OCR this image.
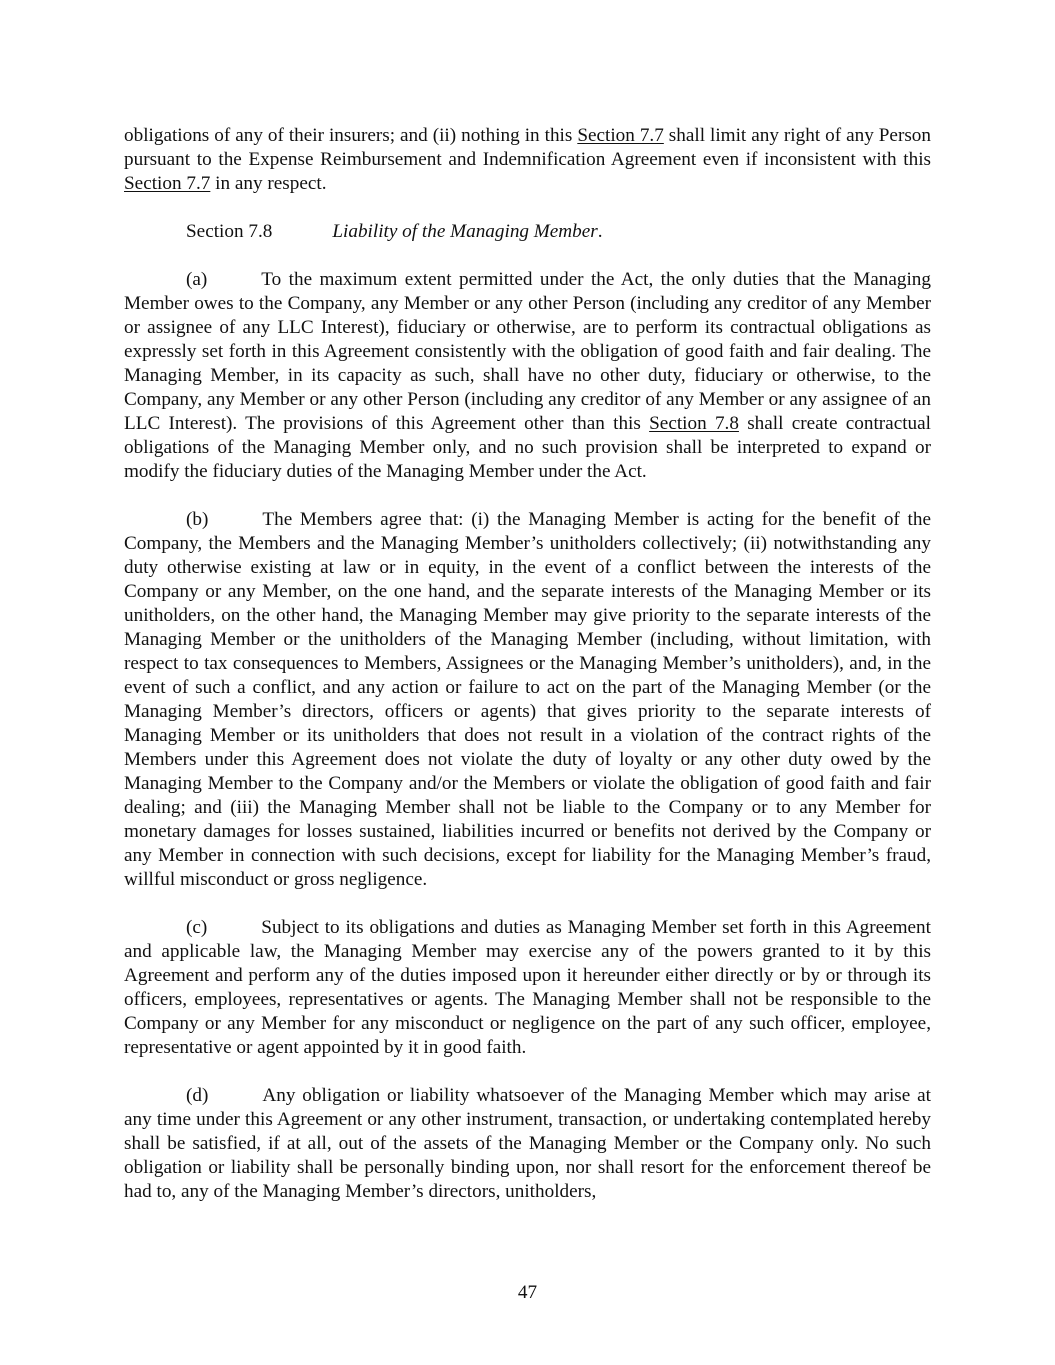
obligations of any of their insurers; and (ii) nothing in this Section 7.7 shall limit any right of any Person pursuant to the Expense Reimbursement and Indemnification Agreement even if inconsistent with this Section 7.7 in any respect.

Section 7.8	Liability of the Managing Member.

(a)	To the maximum extent permitted under the Act, the only duties that the Managing Member owes to the Company, any Member or any other Person (including any creditor of any Member or assignee of any LLC Interest), fiduciary or otherwise, are to perform its contractual obligations as expressly set forth in this Agreement consistently with the obligation of good faith and fair dealing. The Managing Member, in its capacity as such, shall have no other duty, fiduciary or otherwise, to the Company, any Member or any other Person (including any creditor of any Member or any assignee of an LLC Interest). The provisions of this Agreement other than this Section 7.8 shall create contractual obligations of the Managing Member only, and no such provision shall be interpreted to expand or modify the fiduciary duties of the Managing Member under the Act.

(b)	The Members agree that: (i) the Managing Member is acting for the benefit of the Company, the Members and the Managing Member’s unitholders collectively; (ii) notwithstanding any duty otherwise existing at law or in equity, in the event of a conflict between the interests of the Company or any Member, on the one hand, and the separate interests of the Managing Member or its unitholders, on the other hand, the Managing Member may give priority to the separate interests of the Managing Member or the unitholders of the Managing Member (including, without limitation, with respect to tax consequences to Members, Assignees or the Managing Member’s unitholders), and, in the event of such a conflict, and any action or failure to act on the part of the Managing Member (or the Managing Member’s directors, officers or agents) that gives priority to the separate interests of Managing Member or its unitholders that does not result in a violation of the contract rights of the Members under this Agreement does not violate the duty of loyalty or any other duty owed by the Managing Member to the Company and/or the Members or violate the obligation of good faith and fair dealing; and (iii) the Managing Member shall not be liable to the Company or to any Member for monetary damages for losses sustained, liabilities incurred or benefits not derived by the Company or any Member in connection with such decisions, except for liability for the Managing Member’s fraud, willful misconduct or gross negligence.

(c)	Subject to its obligations and duties as Managing Member set forth in this Agreement and applicable law, the Managing Member may exercise any of the powers granted to it by this Agreement and perform any of the duties imposed upon it hereunder either directly or by or through its officers, employees, representatives or agents. The Managing Member shall not be responsible to the Company or any Member for any misconduct or negligence on the part of any such officer, employee, representative or agent appointed by it in good faith.

(d)	Any obligation or liability whatsoever of the Managing Member which may arise at any time under this Agreement or any other instrument, transaction, or undertaking contemplated hereby shall be satisfied, if at all, out of the assets of the Managing Member or the Company only. No such obligation or liability shall be personally binding upon, nor shall resort for the enforcement thereof be had to, any of the Managing Member’s directors, unitholders,

47
